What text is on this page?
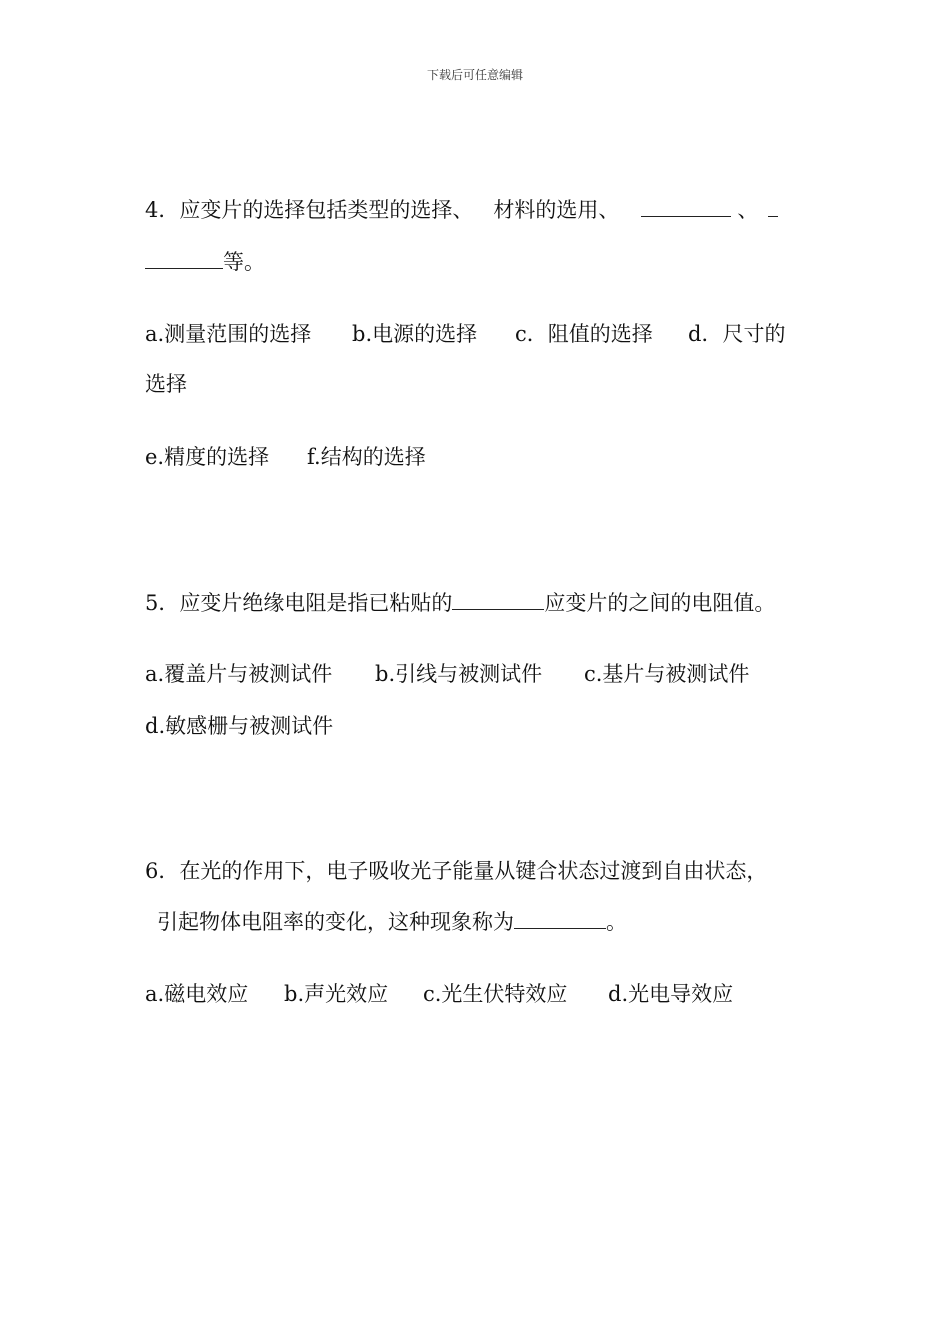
下载后可任意编辑
4．应变片的选择包括类型的选择、 材料的选用、	、
等。
a.测量范围的选择 b.电源的选择 c．阻值的选择 d．尺寸的
选择
e.精度的选择 f.结构的选择
5．应变片绝缘电阻是指已粘贴的	应变片的之间的电阻值。
a.覆盖片与被测试件 b.引线与被测试件 c.基片与被测试件
d.敏感栅与被测试件
6．在光的作用下，电子吸收光子能量从键合状态过渡到自由状态，
引起物体电阻率的变化，这种现象称为	。
a.磁电效应 b.声光效应 c.光生伏特效应 d.光电导效应
